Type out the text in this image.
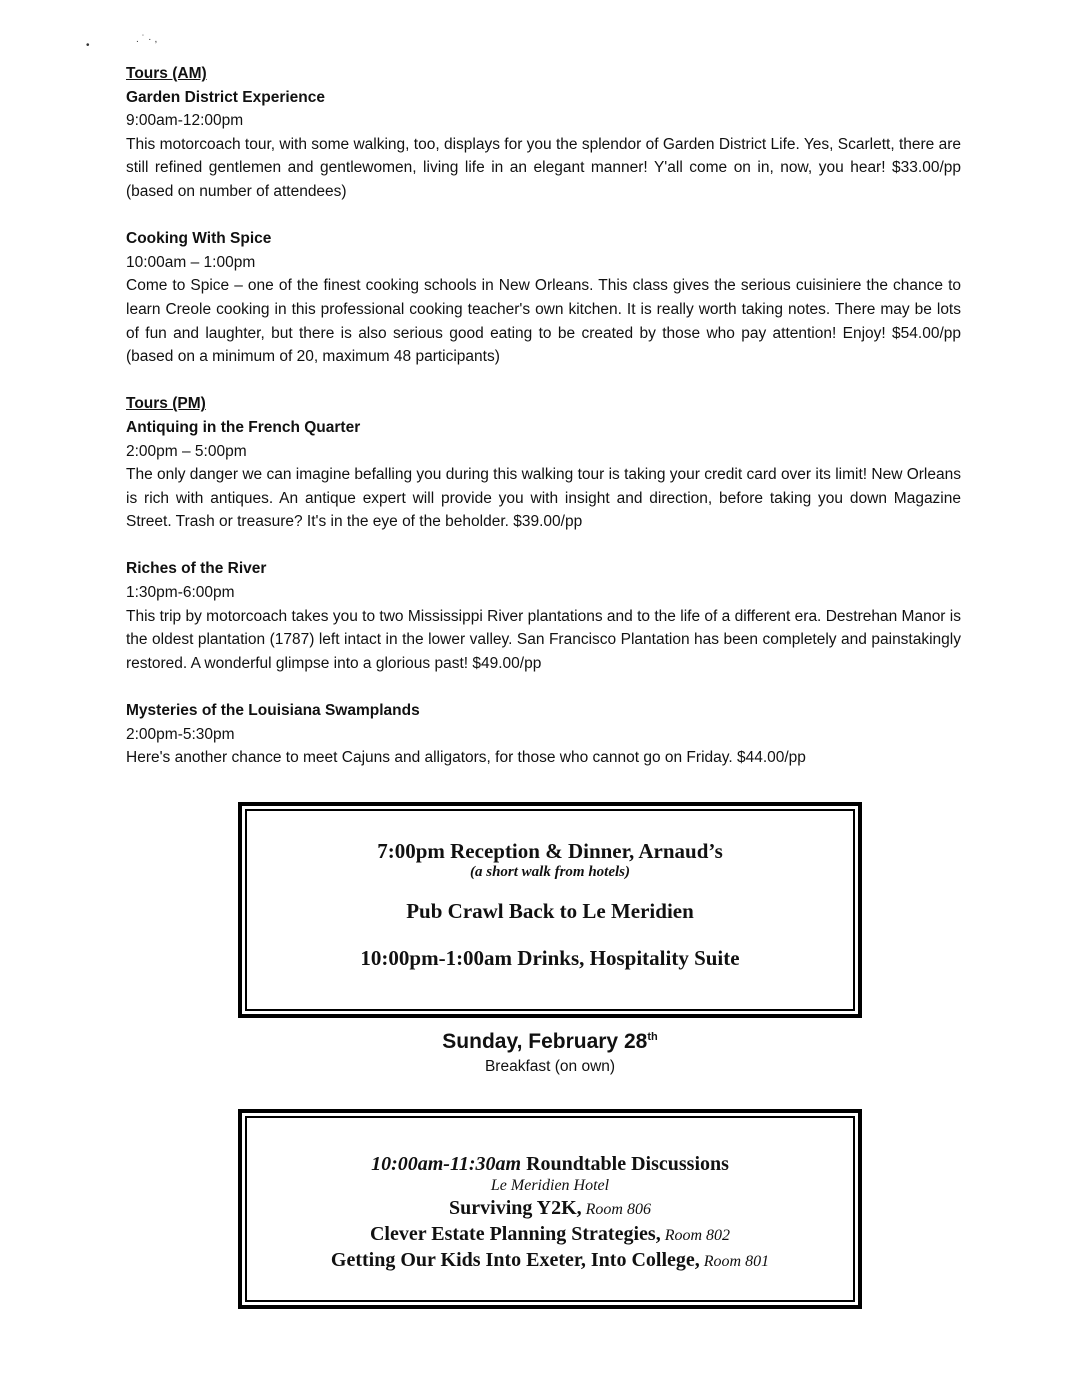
•
.˙·,
Tours (AM)
Garden District Experience
9:00am-12:00pm
This motorcoach tour, with some walking, too, displays for you the splendor of Garden District Life. Yes, Scarlett, there are still refined gentlemen and gentlewomen, living life in an elegant manner! Y'all come on in, now, you hear! $33.00/pp (based on number of attendees)
Cooking With Spice
10:00am – 1:00pm
Come to Spice – one of the finest cooking schools in New Orleans. This class gives the serious cuisiniere the chance to learn Creole cooking in this professional cooking teacher's own kitchen. It is really worth taking notes. There may be lots of fun and laughter, but there is also serious good eating to be created by those who pay attention! Enjoy! $54.00/pp (based on a minimum of 20, maximum 48 participants)
Tours (PM)
Antiquing in the French Quarter
2:00pm – 5:00pm
The only danger we can imagine befalling you during this walking tour is taking your credit card over its limit! New Orleans is rich with antiques. An antique expert will provide you with insight and direction, before taking you down Magazine Street. Trash or treasure? It's in the eye of the beholder. $39.00/pp
Riches of the River
1:30pm-6:00pm
This trip by motorcoach takes you to two Mississippi River plantations and to the life of a different era. Destrehan Manor is the oldest plantation (1787) left intact in the lower valley. San Francisco Plantation has been completely and painstakingly restored. A wonderful glimpse into a glorious past! $49.00/pp
Mysteries of the Louisiana Swamplands
2:00pm-5:30pm
Here's another chance to meet Cajuns and alligators, for those who cannot go on Friday. $44.00/pp
7:00pm Reception & Dinner, Arnaud’s
(a short walk from hotels)
Pub Crawl Back to Le Meridien
10:00pm-1:00am Drinks, Hospitality Suite
Sunday, February 28th
Breakfast (on own)
10:00am-11:30am Roundtable Discussions
Le Meridien Hotel
Surviving Y2K, Room 806
Clever Estate Planning Strategies, Room 802
Getting Our Kids Into Exeter, Into College, Room 801
